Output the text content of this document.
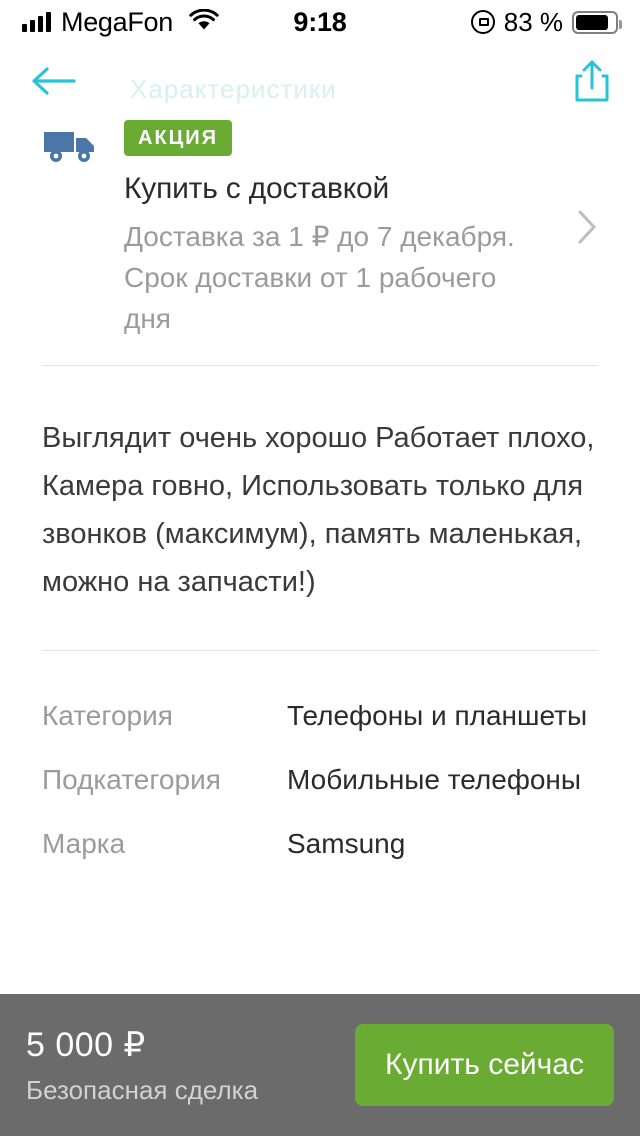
MegaFon	9:18	83 %
Характеристики
АКЦИЯ
Купить с доставкой
Доставка за 1 ₽ до 7 декабря. Срок доставки от 1 рабочего дня
Выглядит очень хорошо Работает плохо, Камера говно, Использовать только для звонков (максимум), память маленькая, можно на запчасти!)
Категория	Телефоны и планшеты
Подкатегория	Мобильные телефоны
Марка	Samsung
5 000 ₽
Безопасная сделка
Купить сейчас
